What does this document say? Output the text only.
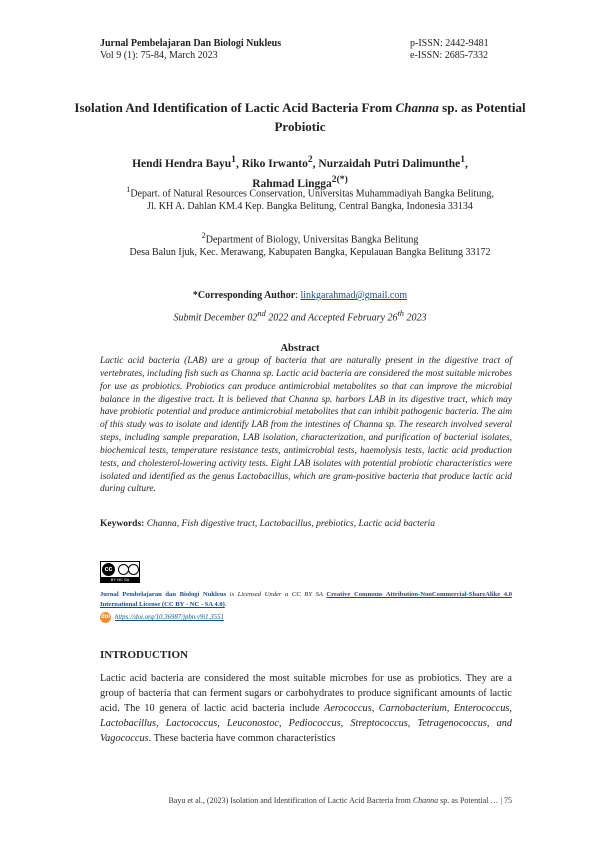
Jurnal Pembelajaran Dan Biologi Nukleus
Vol 9 (1): 75-84, March 2023
p-ISSN: 2442-9481
e-ISSN: 2685-7332
Isolation And Identification of Lactic Acid Bacteria From Channa sp. as Potential Probiotic
Hendi Hendra Bayu$^1$, Riko Irwanto$^2$, Nurzaidah Putri Dalimunthe$^1$,
Rahmad Lingga$^{2(*)}$
$^1$Depart. of Natural Resources Conservation, Universitas Muhammadiyah Bangka Belitung,
Jl. KH A. Dahlan KM.4 Kep. Bangka Belitung, Central Bangka, Indonesia 33134
$^2$Department of Biology, Universitas Bangka Belitung
Desa Balun Ijuk, Kec. Merawang, Kabupaten Bangka, Kepulauan Bangka Belitung 33172
*Corresponding Author: linkgarahmad@gmail.com
Submit December 02nd 2022 and Accepted February 26th 2023
Abstract
Lactic acid bacteria (LAB) are a group of bacteria that are naturally present in the digestive tract of vertebrates, including fish such as Channa sp. Lactic acid bacteria are considered the most suitable microbes for use as probiotics. Probiotics can produce antimicrobial metabolites so that can improve the microbial balance in the digestive tract. It is believed that Channa sp. harbors LAB in its digestive tract, which may have probiotic potential and produce antimicrobial metabolites that can inhibit pathogenic bacteria. The aim of this study was to isolate and identify LAB from the intestines of Channa sp. The research involved several steps, including sample preparation, LAB isolation, characterization, and purification of bacterial isolates, biochemical tests, temperature resistance tests, antimicrobial tests, haemolysis tests, lactic acid production tests, and cholesterol-lowering activity tests. Eight LAB isolates with potential probiotic characteristics were isolated and identified as the genus Lactobacillus, which are gram-positive bacteria that produce lactic acid during culture.
Keywords: Channa, Fish digestive tract, Lactobacillus, prebiotics, Lactic acid bacteria
cc
BY NC SA
Jurnal Pembelajaran dan Biologi Nukleus is Licensed Under a CC BY SA Creative Commons Attribution-NonCommercial-ShareAlike 4.0 International License (CC BY - NC - SA 4.0).
doi https://doi.org/10.36987/jpbn.v9i1.3551
INTRODUCTION
Lactic acid bacteria are considered the most suitable microbes for use as probiotics. They are a group of bacteria that can ferment sugars or carbohydrates to produce significant amounts of lactic acid. The 10 genera of lactic acid bacteria include Aerococcus, Carnobacterium, Enterococcus, Lactobacillus, Lactococcus, Leuconostoc, Pediococcus, Streptococcus, Tetragenococcus, and Vagococcus. These bacteria have common characteristics
Bayu et al., (2023) Isolation and Identification of Lactic Acid Bacteria from Channa sp. as Potential … | 75
